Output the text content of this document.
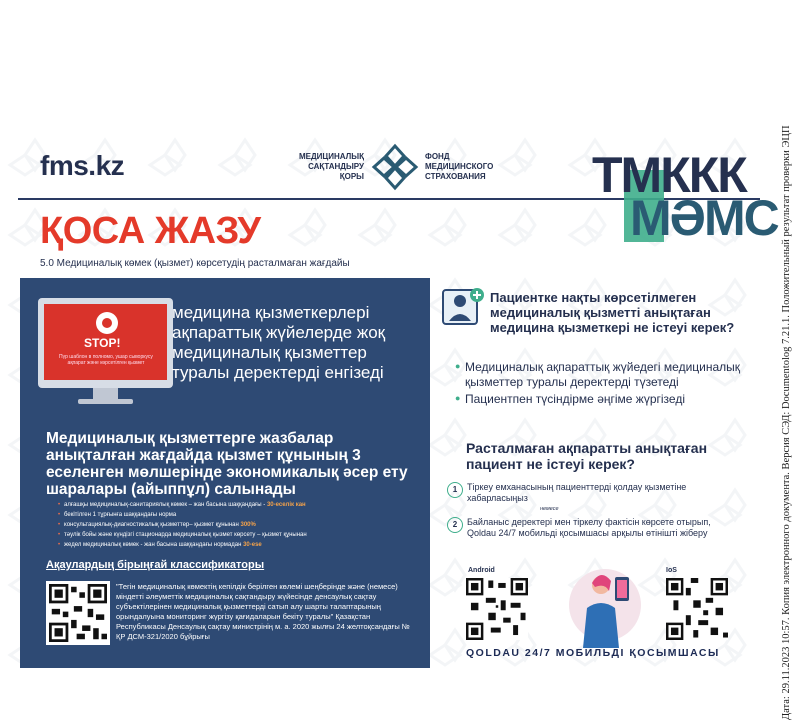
Дата: 29.11.2023 10:57. Копия электронного документа. Версия СЭД: Documentolog 7.21.1. Положительный результат проверки ЭЦП
fms.kz	МЕДИЦИНАЛЫҚ
САҚТАНДЫРУ
ҚОРЫ
ФОНД
МЕДИЦИНСКОГО
СТРАХОВАНИЯ	ТМККК
МӘМС
ҚОСА ЖАЗУ
5.0 Медициналық көмек (қызмет) көрсетудің расталмаған жағдайы
STOP!
Пүр шаблон в полномо, ушар сыворкусу ақпарат және көрсетілген қызмет
медицина қызметкерлері ақпараттық жүйелерде жоқ медициналық қызметтер туралы деректерді енгізеді
Медициналық қызметтерге жазбалар анықталған жағдайда қызмет құнының 3 еселенген мөлшерінде экономикалық әсер ету шаралары (айыппұл) салынады
• алғашқы медициналық-санитариялық көмек – жан басына шаққандағы - 30-еселік кан
• бекітілген 1 тұрғынға шаққандағы норма
• консультациялық-диагностикалық қызметтер– қызмет құнынан 300%
• тәулік бойы және күндізгі стационарда медициналық қызмет көрсету – қызмет құнынан
• жедел медициналық көмек - жан басына шаққандағы нормадан 30-еse
Ақаулардың бірыңғай классификаторы
"Тегін медициналық көмектің кепілдік берілген көлемі шеңберінде және (немесе) міндетті әлеуметтік медициналық сақтандыру жүйесінде денсаулық сақтау субъектілерінен медициналық қызметтерді сатып алу шарты талаптарының орындалуына мониторинг жүргізу қағидаларын бекіту туралы" Қазақстан Республикасы Денсаулық сақтау министрінің м. а. 2020 жылғы 24 желтоқсандағы № ҚР ДСМ-321/2020 бұйрығы
Пациентке нақты көрсетілмеген медициналық қызметті анықтаған медицина қызметкері не істеуі керек?
● Медициналық ақпараттық жүйедегі медициналық қызметтер туралы деректерді түзетеді
● Пациентпен түсіндірме әңгіме жүргізеді
Расталмаған ақпаратты анықтаған пациент не істеуі керек?
1	Тіркеу емханасының пациенттерді қолдау қызметіне хабарласыңыз
немесе
2	Байланыс деректері мен тіркелу фактісін көрсете отырып, Qoldau 24/7 мобильді қосымшасы арқылы өтінішті жіберу
Android	IoS
QOLDAU 24/7 МОБИЛЬДІ ҚОСЫМШАСЫ
